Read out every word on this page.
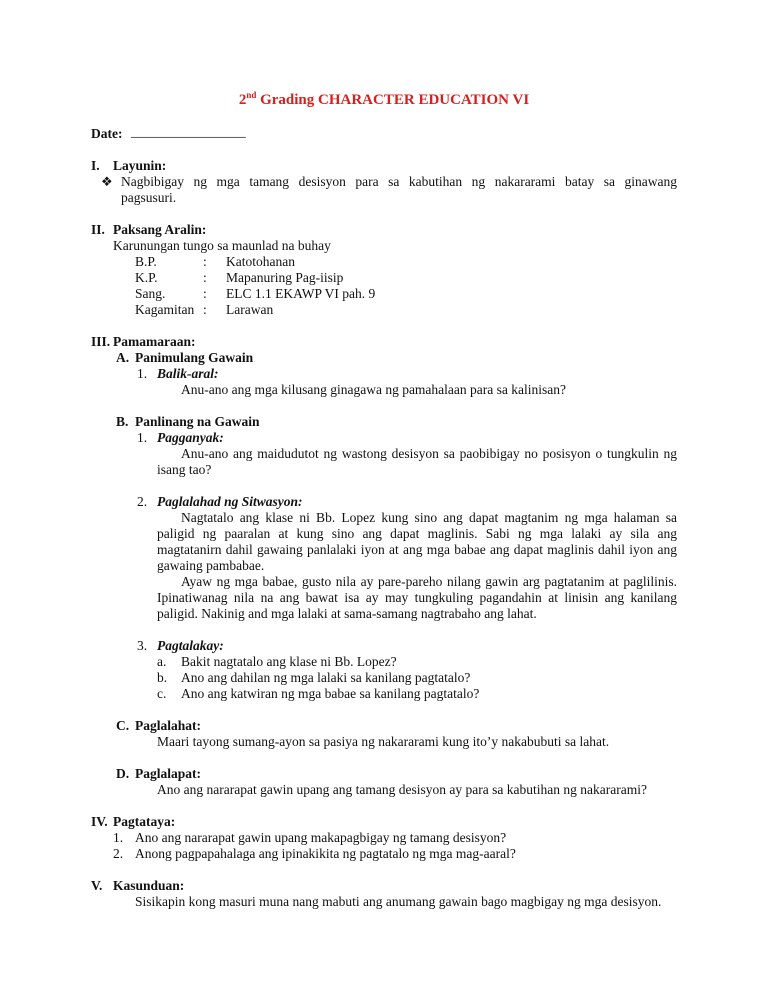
2nd Grading CHARACTER EDUCATION VI
Date: _________________
I. Layunin:
❖ Nagbibigay ng mga tamang desisyon para sa kabutihan ng nakararami batay sa ginawang
pagsusuri.
II. Paksang Aralin:
Karunungan tungo sa maunlad na buhay
B.P.	: Katotohanan
K.P.	: Mapanuring Pag-iisip
Sang.	: ELC 1.1 EKAWP VI pah. 9
Kagamitan : Larawan
III. Pamamaraan:
A. Panimulang Gawain
1. Balik-aral:
Anu-ano ang mga kilusang ginagawa ng pamahalaan para sa kalinisan?
B. Panlinang na Gawain
1. Pagganyak:
Anu-ano ang maidudutot ng wastong desisyon sa paobibigay no posisyon o tungkulin ng
isang tao?
2. Paglalahad ng Sitwasyon:
Nagtatalo ang klase ni Bb. Lopez kung sino ang dapat magtanim ng mga halaman sa
paligid ng paaralan at kung sino ang dapat maglinis. Sabi ng mga lalaki ay sila ang
magtatanirn dahil gawaing panlalaki iyon at ang mga babae ang dapat maglinis dahil iyon ang
gawaing pambabae.
Ayaw ng mga babae, gusto nila ay pare-pareho nilang gawin arg pagtatanim at paglilinis.
Ipinatiwanag nila na ang bawat isa ay may tungkuling pagandahin at linisin ang kanilang
paligid. Nakinig and mga lalaki at sama-samang nagtrabaho ang lahat.
3. Pagtalakay:
a. Bakit nagtatalo ang klase ni Bb. Lopez?
b. Ano ang dahilan ng mga lalaki sa kanilang pagtatalo?
c. Ano ang katwiran ng mga babae sa kanilang pagtatalo?
C. Paglalahat:
Maari tayong sumang-ayon sa pasiya ng nakararami kung ito’y nakabubuti sa lahat.
D. Paglalapat:
Ano ang nararapat gawin upang ang tamang desisyon ay para sa kabutihan ng nakararami?
IV. Pagtataya:
1. Ano ang nararapat gawin upang makapagbigay ng tamang desisyon?
2. Anong pagpapahalaga ang ipinakikita ng pagtatalo ng mga mag-aaral?
V. Kasunduan:
Sisikapin kong masuri muna nang mabuti ang anumang gawain bago magbigay ng mga desisyon.
